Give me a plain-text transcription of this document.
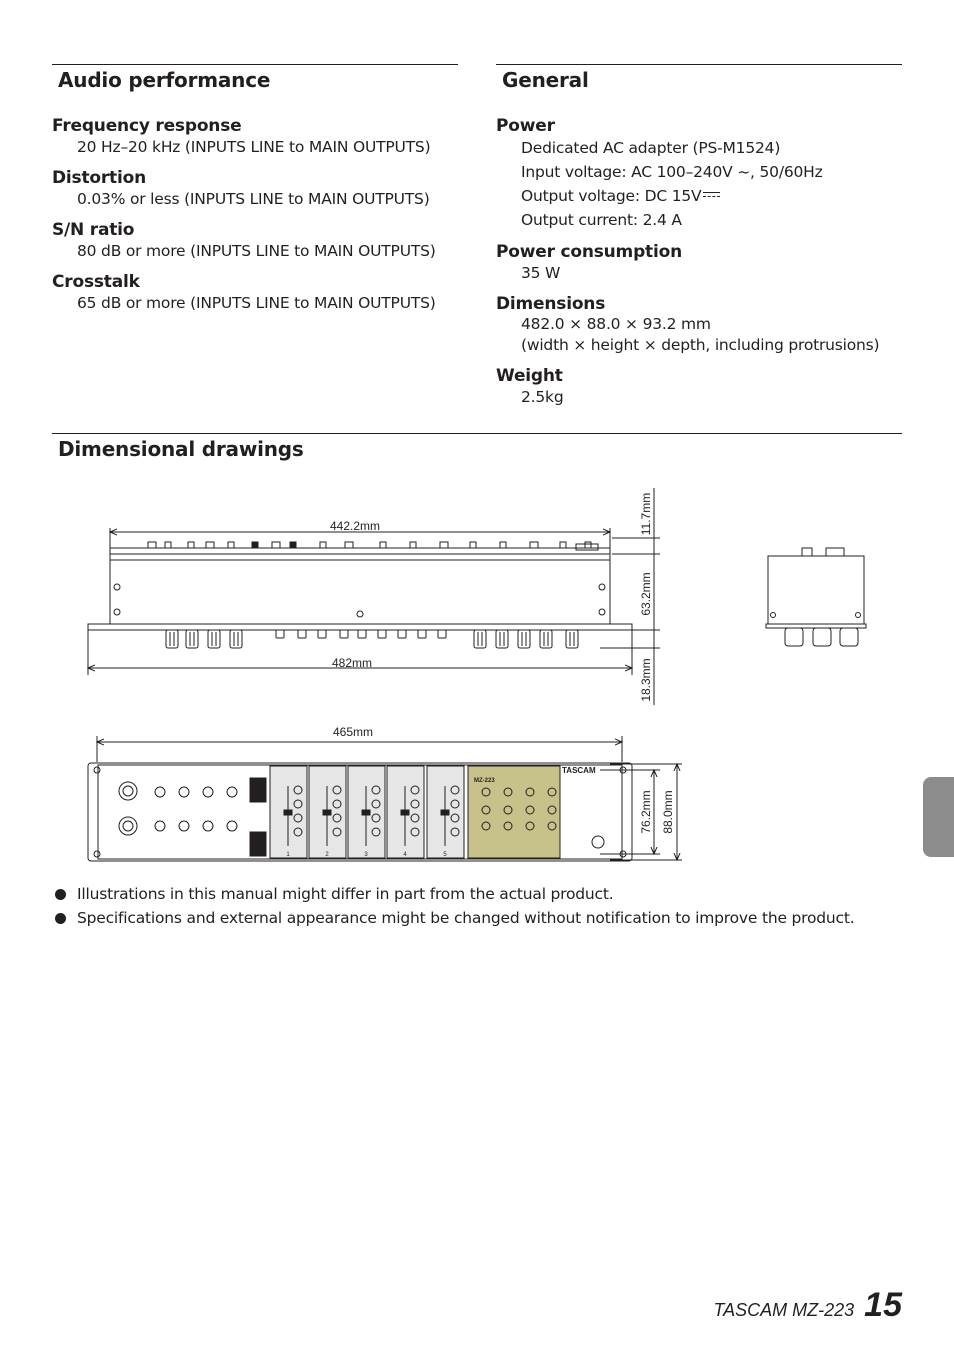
Audio performance
Frequency response
20 Hz–20 kHz (INPUTS LINE to MAIN OUTPUTS)
Distortion
0.03% or less (INPUTS LINE to MAIN OUTPUTS)
S/N ratio
80 dB or more (INPUTS LINE to MAIN OUTPUTS)
Crosstalk
65 dB or more (INPUTS LINE to MAIN OUTPUTS)
General
Power
Dedicated AC adapter (PS-M1524)
Input voltage: AC 100–240V ~, 50/60Hz
Output voltage: DC 15V
Output current: 2.4 A
Power consumption
35 W
Dimensions
482.0 × 88.0 × 93.2 mm
(width × height × depth, including protrusions)
Weight
2.5kg
Dimensional drawings
442.2mm
482mm
465mm
11.7mm
63.2mm
18.3mm
76.2mm 88.0mm
TASCAM
MZ-223
1	2	3	4	5
Illustrations in this manual might differ in part from the actual product.
Specifications and external appearance might be changed without notification to improve the product.
TASCAM MZ-223 15
